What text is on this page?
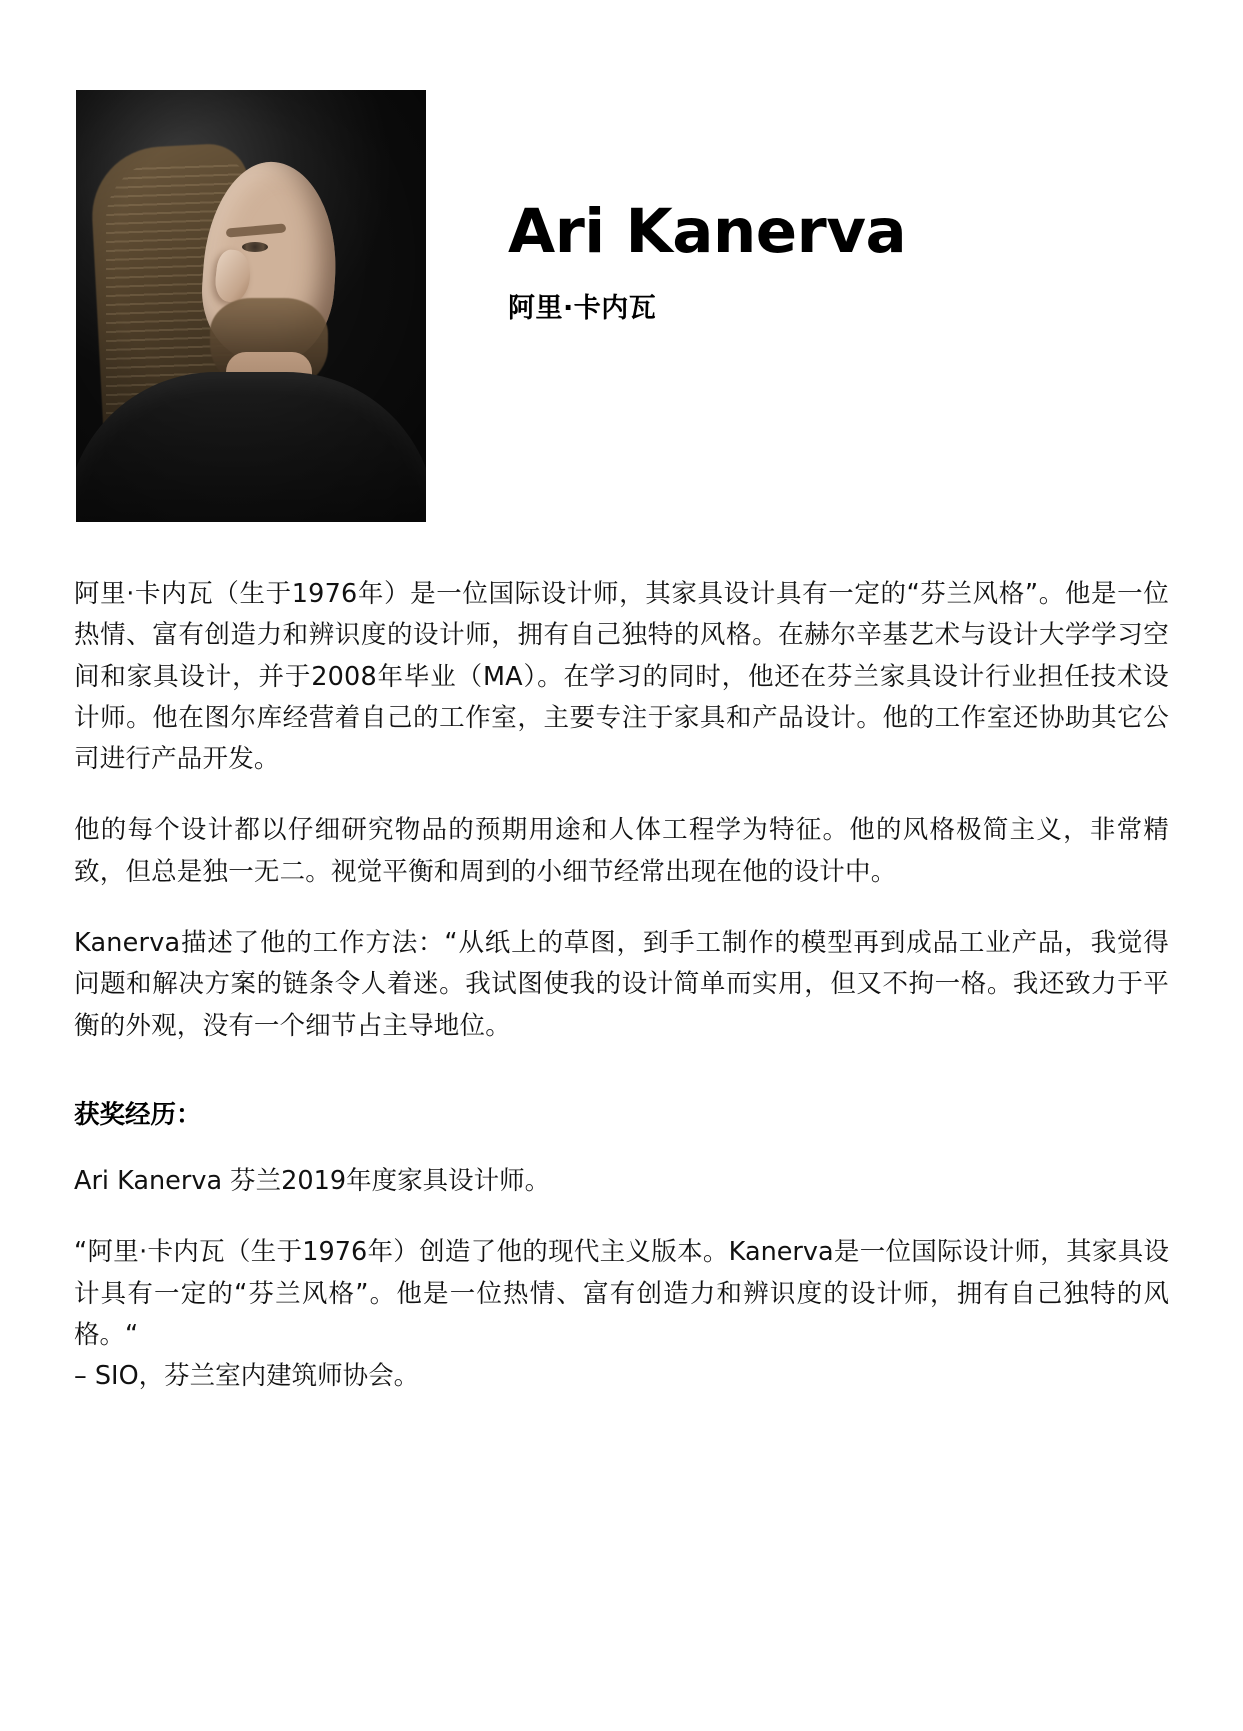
Ari Kanerva
阿里·卡内瓦

阿里·卡内瓦（生于1976年）是一位国际设计师，其家具设计具有一定的“芬兰风格”。他是一位热情、富有创造力和辨识度的设计师，拥有自己独特的风格。在赫尔辛基艺术与设计大学学习空间和家具设计，并于2008年毕业（MA）。在学习的同时，他还在芬兰家具设计行业担任技术设计师。他在图尔库经营着自己的工作室，主要专注于家具和产品设计。他的工作室还协助其它公司进行产品开发。

他的每个设计都以仔细研究物品的预期用途和人体工程学为特征。他的风格极简主义，非常精致，但总是独一无二。视觉平衡和周到的小细节经常出现在他的设计中。

Kanerva描述了他的工作方法：“从纸上的草图，到手工制作的模型再到成品工业产品，我觉得问题和解决方案的链条令人着迷。我试图使我的设计简单而实用，但又不拘一格。我还致力于平衡的外观，没有一个细节占主导地位。

获奖经历：

Ari Kanerva 芬兰2019年度家具设计师。

“阿里·卡内瓦（生于1976年）创造了他的现代主义版本。Kanerva是一位国际设计师，其家具设计具有一定的“芬兰风格”。他是一位热情、富有创造力和辨识度的设计师，拥有自己独特的风格。“

– SIO，芬兰室内建筑师协会。
